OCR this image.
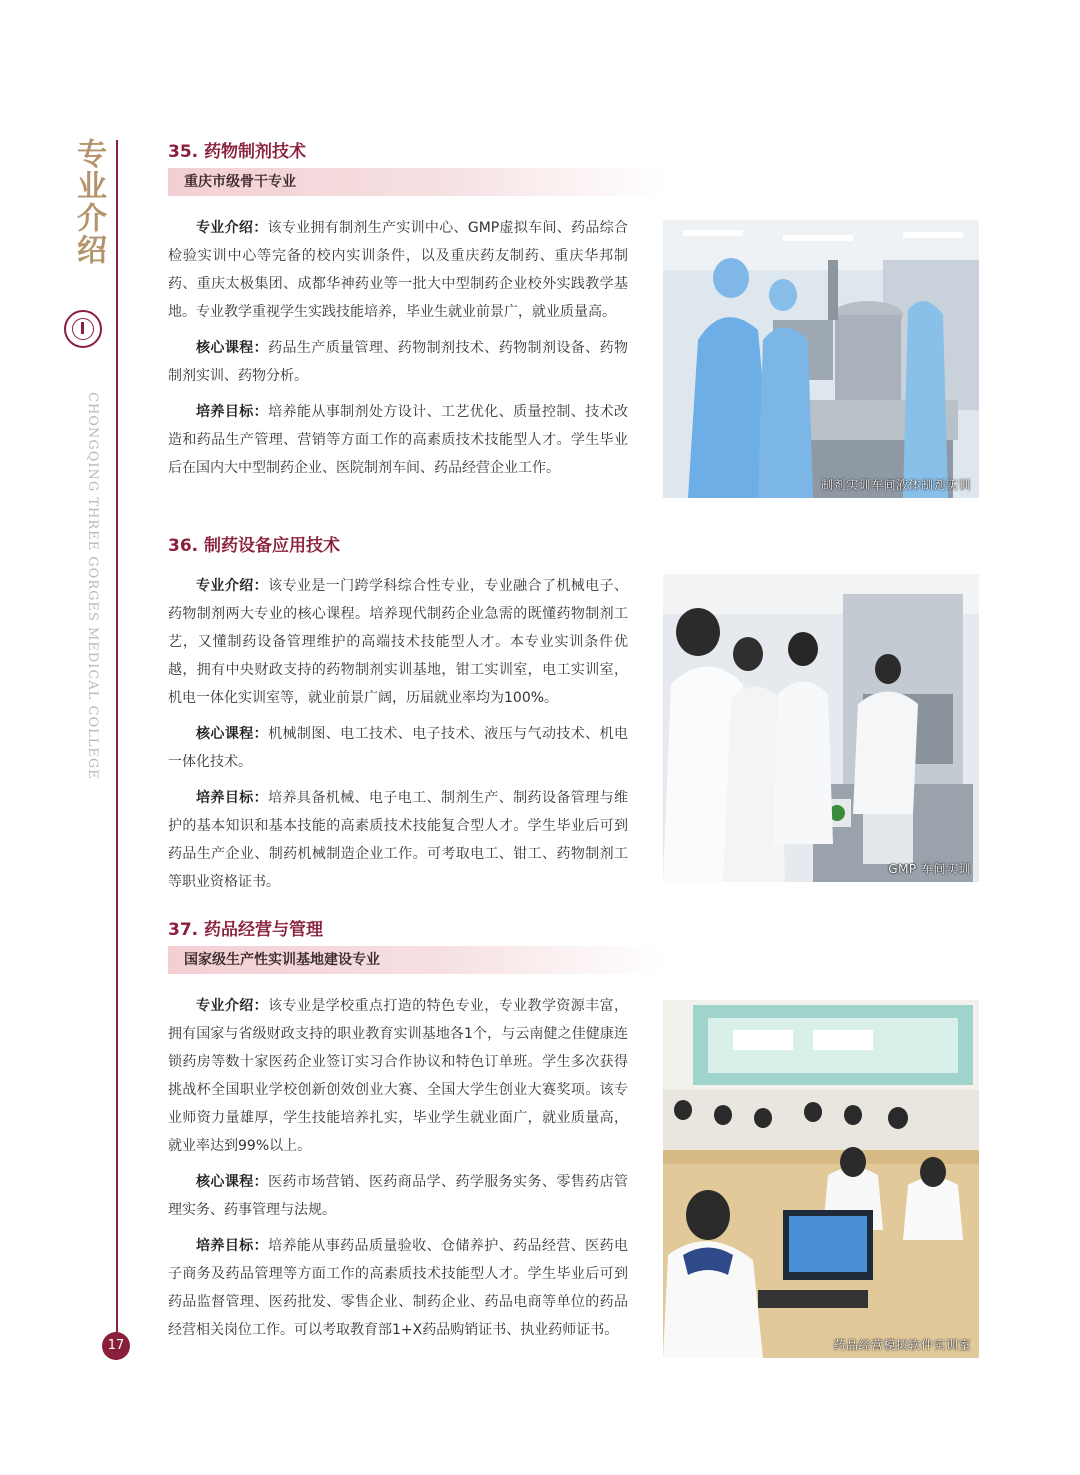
专业介绍
CHONGQING THREE GORGES MEDICAL COLLEGE
17
35. 药物制剂技术
重庆市级骨干专业

专业介绍：该专业拥有制剂生产实训中心、GMP虚拟车间、药品综合检验实训中心等完备的校内实训条件，以及重庆药友制药、重庆华邦制药、重庆太极集团、成都华神药业等一批大中型制药企业校外实践教学基地。专业教学重视学生实践技能培养，毕业生就业前景广，就业质量高。

核心课程：药品生产质量管理、药物制剂技术、药物制剂设备、药物制剂实训、药物分析。

培养目标：培养能从事制剂处方设计、工艺优化、质量控制、技术改造和药品生产管理、营销等方面工作的高素质技术技能型人才。学生毕业后在国内大中型制药企业、医院制剂车间、药品经营企业工作。

制剂实训车间液体制剂实训
36. 制药设备应用技术

专业介绍：该专业是一门跨学科综合性专业，专业融合了机械电子、药物制剂两大专业的核心课程。培养现代制药企业急需的既懂药物制剂工艺，又懂制药设备管理维护的高端技术技能型人才。本专业实训条件优越，拥有中央财政支持的药物制剂实训基地，钳工实训室，电工实训室，机电一体化实训室等，就业前景广阔，历届就业率均为100%。

核心课程：机械制图、电工技术、电子技术、液压与气动技术、机电一体化技术。

培养目标：培养具备机械、电子电工、制剂生产、制药设备管理与维护的基本知识和基本技能的高素质技术技能复合型人才。学生毕业后可到药品生产企业、制药机械制造企业工作。可考取电工、钳工、药物制剂工等职业资格证书。

GMP 车间实训
37. 药品经营与管理
国家级生产性实训基地建设专业

专业介绍：该专业是学校重点打造的特色专业，专业教学资源丰富，拥有国家与省级财政支持的职业教育实训基地各1个，与云南健之佳健康连锁药房等数十家医药企业签订实习合作协议和特色订单班。学生多次获得挑战杯全国职业学校创新创效创业大赛、全国大学生创业大赛奖项。该专业师资力量雄厚，学生技能培养扎实，毕业学生就业面广，就业质量高，就业率达到99%以上。

核心课程：医药市场营销、医药商品学、药学服务实务、零售药店管理实务、药事管理与法规。

培养目标：培养能从事药品质量验收、仓储养护、药品经营、医药电子商务及药品管理等方面工作的高素质技术技能型人才。学生毕业后可到药品监督管理、医药批发、零售企业、制药企业、药品电商等单位的药品经营相关岗位工作。可以考取教育部1+X药品购销证书、执业药师证书。

药品经营模拟软件实训室
